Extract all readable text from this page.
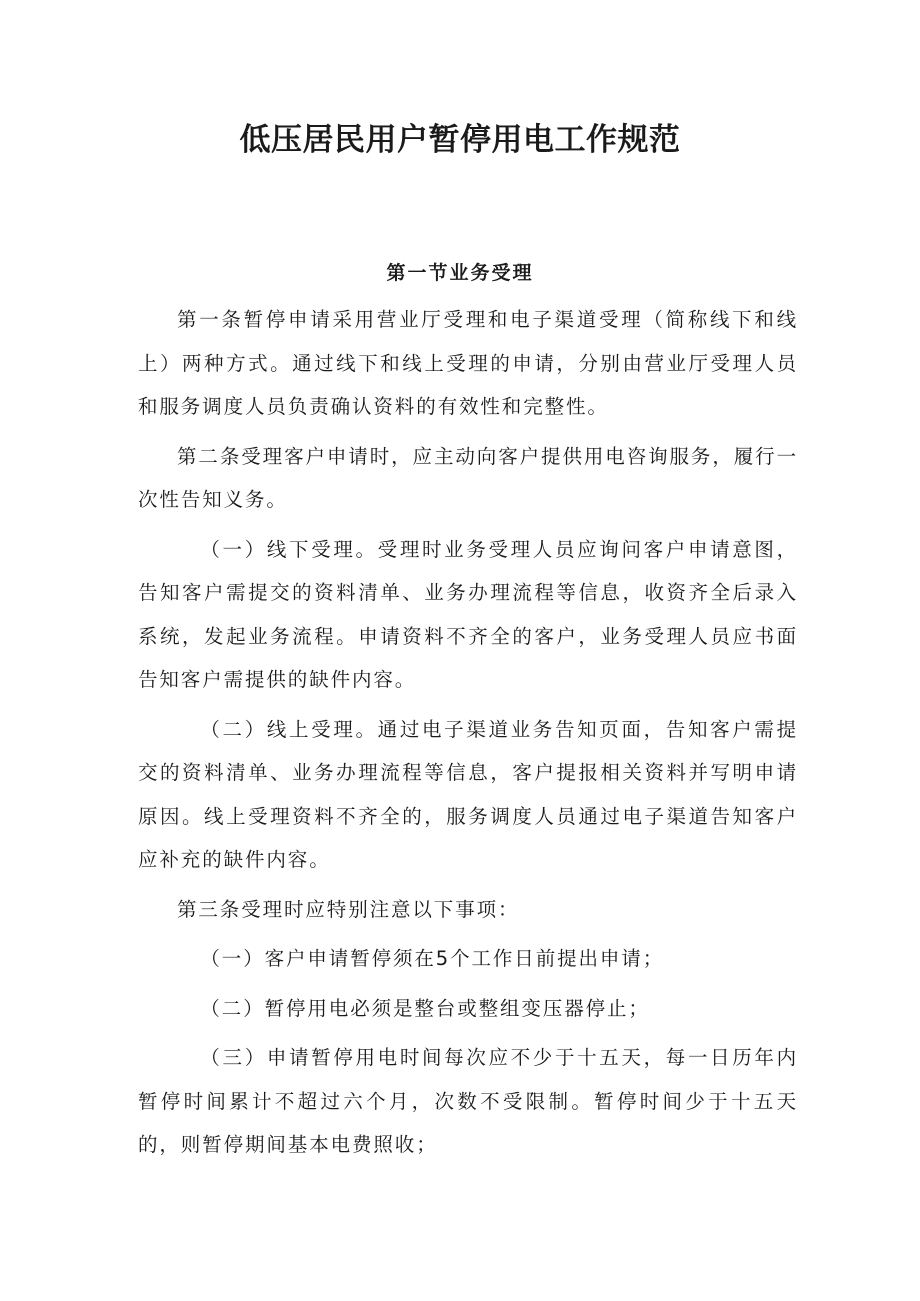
低压居民用户暂停用电工作规范
第一节业务受理

第一条暂停申请采用营业厅受理和电子渠道受理（简称线下和线上）两种方式。通过线下和线上受理的申请，分别由营业厅受理人员和服务调度人员负责确认资料的有效性和完整性。

第二条受理客户申请时，应主动向客户提供用电咨询服务，履行一次性告知义务。

（一）线下受理。受理时业务受理人员应询问客户申请意图，告知客户需提交的资料清单、业务办理流程等信息，收资齐全后录入系统，发起业务流程。申请资料不齐全的客户，业务受理人员应书面告知客户需提供的缺件内容。

（二）线上受理。通过电子渠道业务告知页面，告知客户需提交的资料清单、业务办理流程等信息，客户提报相关资料并写明申请原因。线上受理资料不齐全的，服务调度人员通过电子渠道告知客户应补充的缺件内容。

第三条受理时应特别注意以下事项：

（一）客户申请暂停须在5个工作日前提出申请；

（二）暂停用电必须是整台或整组变压器停止；

（三）申请暂停用电时间每次应不少于十五天，每一日历年内暂停时间累计不超过六个月，次数不受限制。暂停时间少于十五天的，则暂停期间基本电费照收；
